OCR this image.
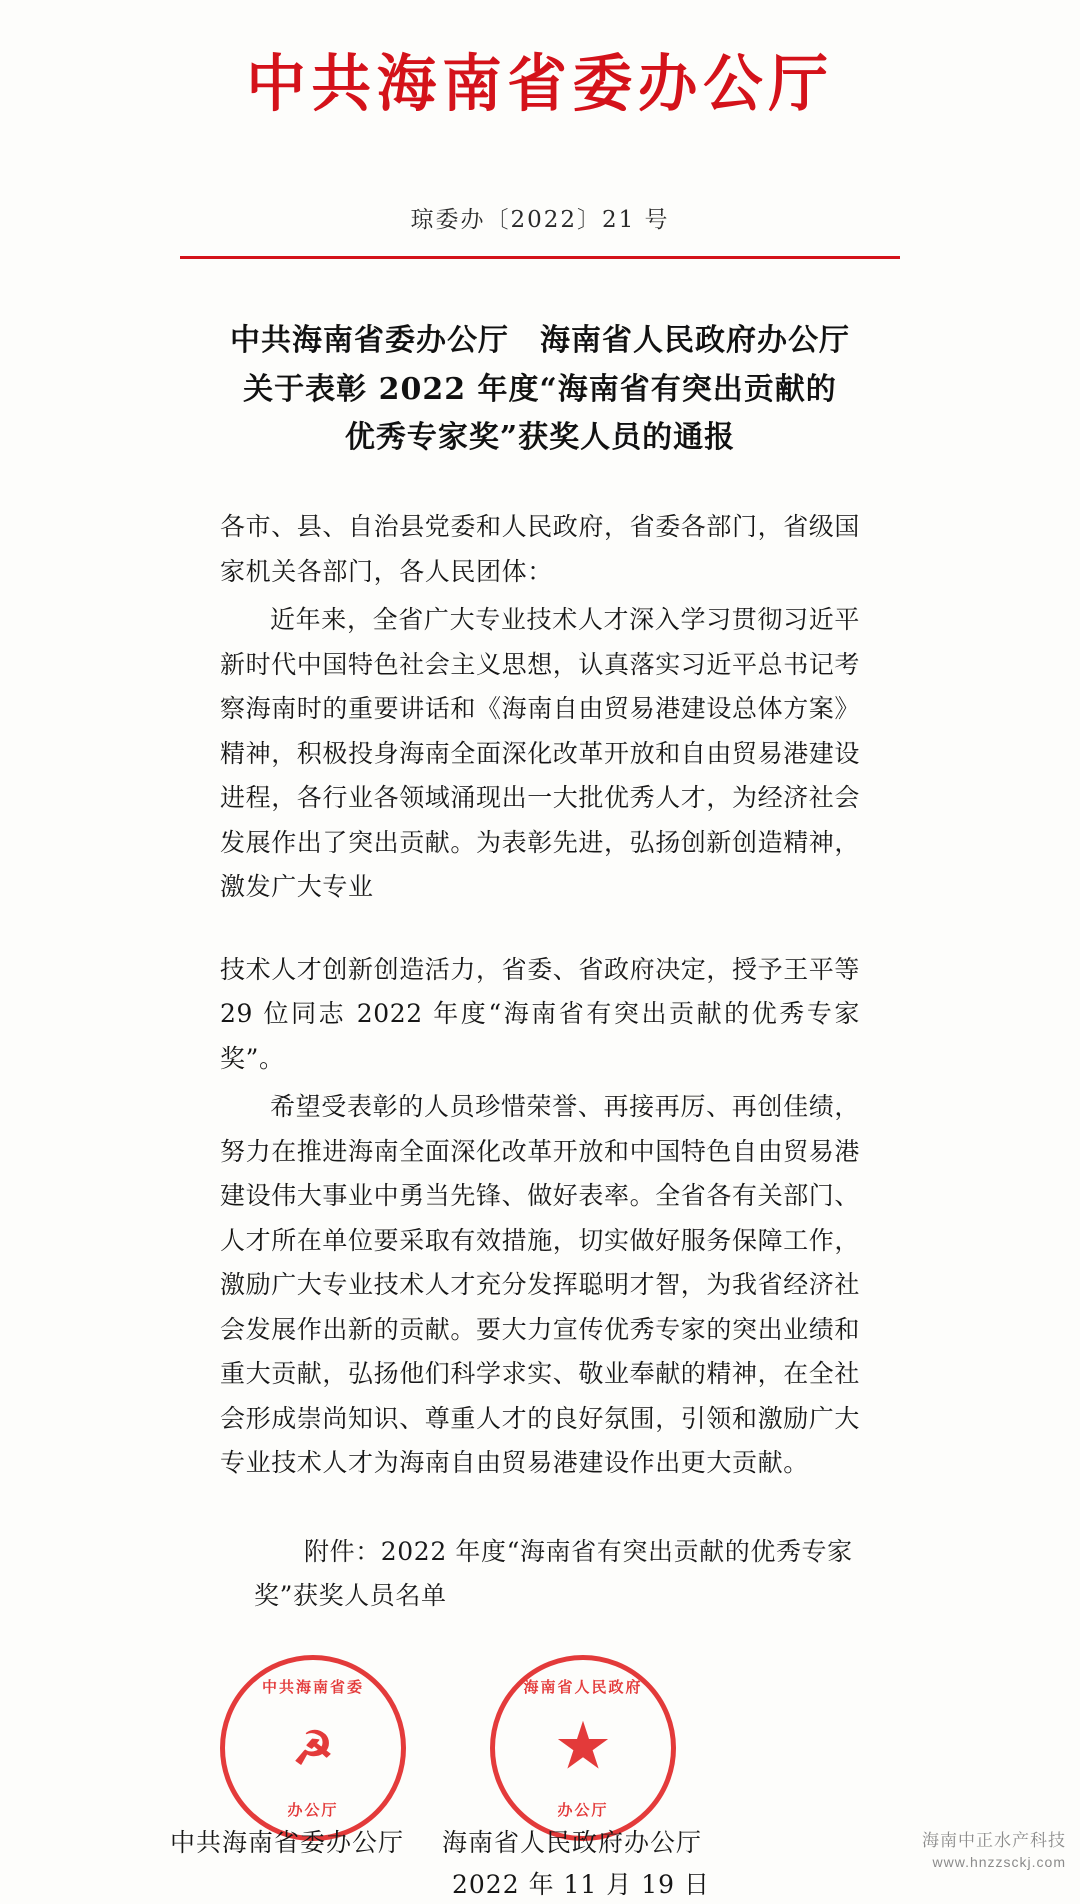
中共海南省委办公厅
琼委办〔2022〕21 号
中共海南省委办公厅　海南省人民政府办公厅
关于表彰 2022 年度“海南省有突出贡献的
优秀专家奖”获奖人员的通报

各市、县、自治县党委和人民政府，省委各部门，省级国家机关各部门，各人民团体：

近年来，全省广大专业技术人才深入学习贯彻习近平新时代中国特色社会主义思想，认真落实习近平总书记考察海南时的重要讲话和《海南自由贸易港建设总体方案》精神，积极投身海南全面深化改革开放和自由贸易港建设进程，各行业各领域涌现出一大批优秀人才，为经济社会发展作出了突出贡献。为表彰先进，弘扬创新创造精神，激发广大专业

技术人才创新创造活力，省委、省政府决定，授予王平等 29 位同志 2022 年度“海南省有突出贡献的优秀专家奖”。

希望受表彰的人员珍惜荣誉、再接再厉、再创佳绩，努力在推进海南全面深化改革开放和中国特色自由贸易港建设伟大事业中勇当先锋、做好表率。全省各有关部门、人才所在单位要采取有效措施，切实做好服务保障工作，激励广大专业技术人才充分发挥聪明才智，为我省经济社会发展作出新的贡献。要大力宣传优秀专家的突出业绩和重大贡献，弘扬他们科学求实、敬业奉献的精神，在全社会形成崇尚知识、尊重人才的良好氛围，引领和激励广大专业技术人才为海南自由贸易港建设作出更大贡献。

附件：2022 年度“海南省有突出贡献的优秀专家奖”获奖人员名单
中共海南省委
☭
办公厅
海南省人民政府
★
办公厅
中共海南省委办公厅 海南省人民政府办公厅
2022 年 11 月 19 日
海南中正水产科技
www.hnzzsckj.com
